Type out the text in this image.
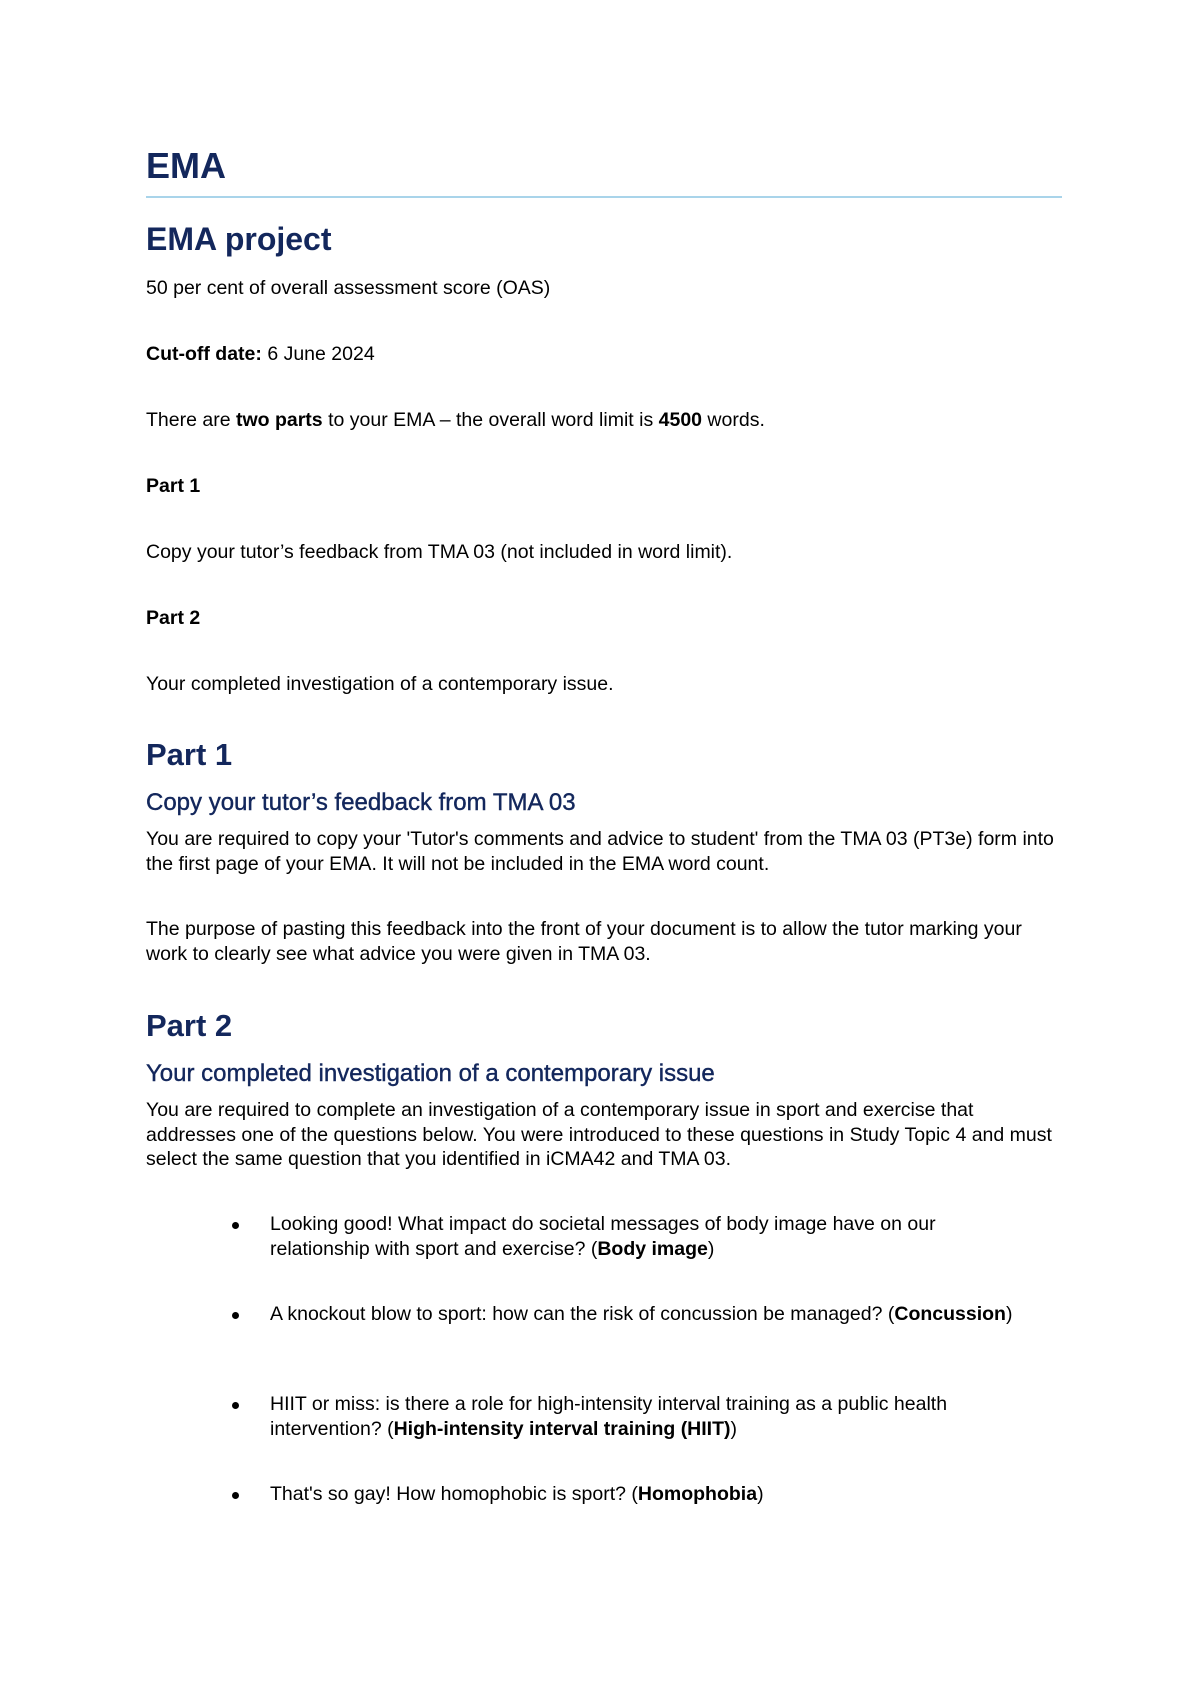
EMA
EMA project

50 per cent of overall assessment score (OAS)

Cut-off date: 6 June 2024

There are two parts to your EMA – the overall word limit is 4500 words.

Part 1

Copy your tutor’s feedback from TMA 03 (not included in word limit).

Part 2

Your completed investigation of a contemporary issue.

Part 1
Copy your tutor’s feedback from TMA 03

You are required to copy your 'Tutor's comments and advice to student' from the TMA 03 (PT3e) form into the first page of your EMA. It will not be included in the EMA word count.

The purpose of pasting this feedback into the front of your document is to allow the tutor marking your work to clearly see what advice you were given in TMA 03.

Part 2
Your completed investigation of a contemporary issue

You are required to complete an investigation of a contemporary issue in sport and exercise that addresses one of the questions below. You were introduced to these questions in Study Topic 4 and must select the same question that you identified in iCMA42 and TMA 03.

Looking good! What impact do societal messages of body image have on our relationship with sport and exercise? (Body image)

A knockout blow to sport: how can the risk of concussion be managed? (Concussion)

HIIT or miss: is there a role for high-intensity interval training as a public health intervention? (High-intensity interval training (HIIT))

That's so gay! How homophobic is sport? (Homophobia)
